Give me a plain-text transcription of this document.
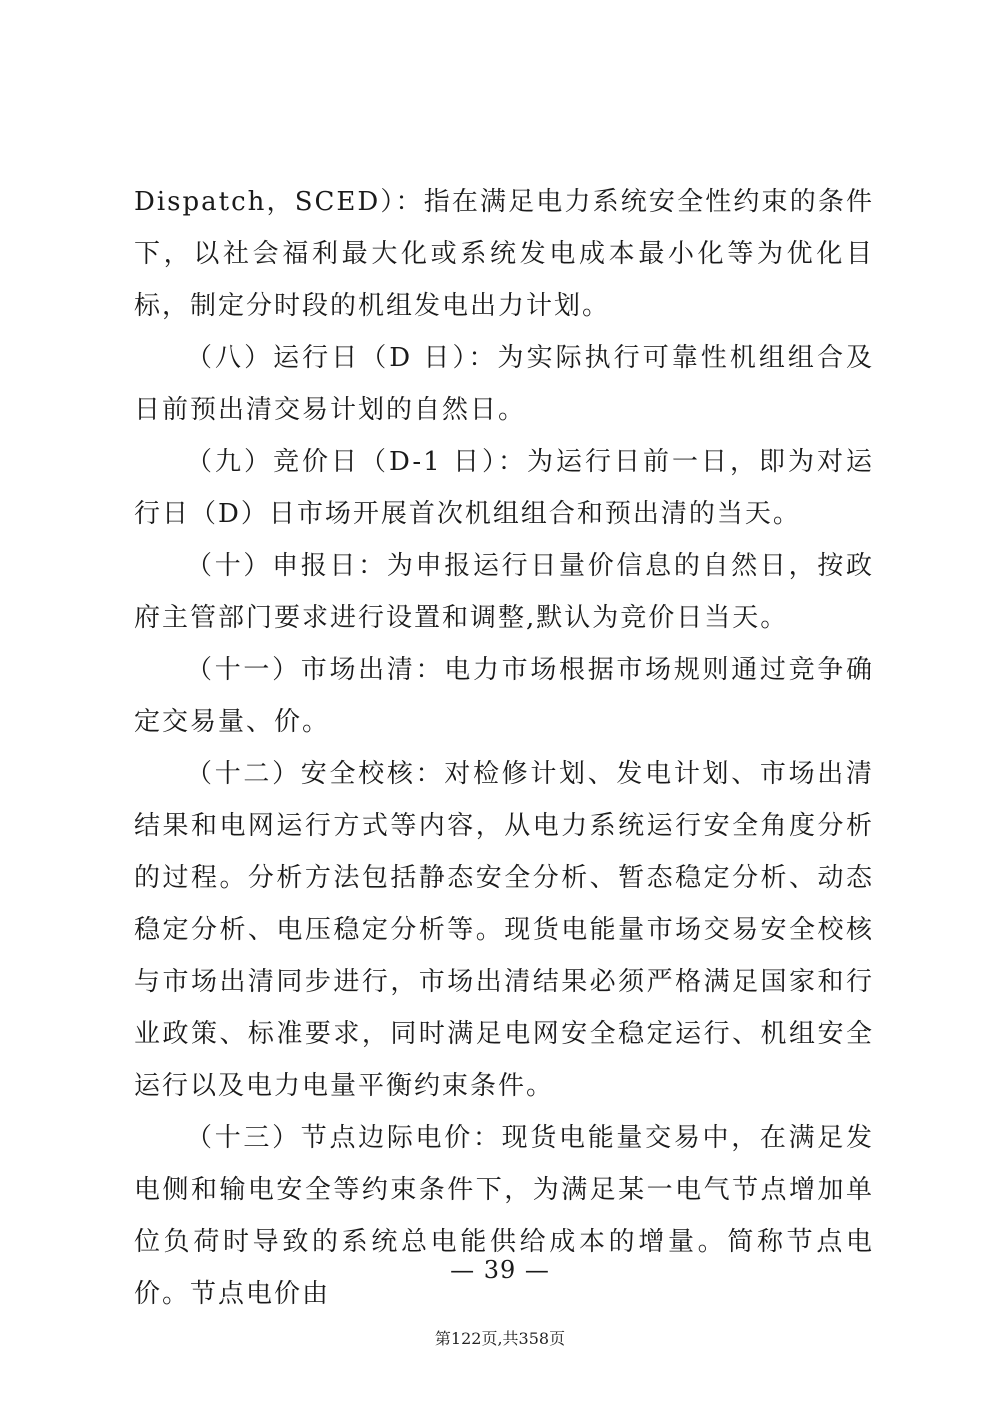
Dispatch，SCED）：指在满足电力系统安全性约束的条件下，以社会福利最大化或系统发电成本最小化等为优化目标，制定分时段的机组发电出力计划。

（八）运行日（D 日）：为实际执行可靠性机组组合及日前预出清交易计划的自然日。

（九）竞价日（D-1 日）：为运行日前一日，即为对运行日（D）日市场开展首次机组组合和预出清的当天。

（十）申报日：为申报运行日量价信息的自然日，按政府主管部门要求进行设置和调整,默认为竞价日当天。

（十一）市场出清：电力市场根据市场规则通过竞争确定交易量、价。

（十二）安全校核：对检修计划、发电计划、市场出清结果和电网运行方式等内容，从电力系统运行安全角度分析的过程。分析方法包括静态安全分析、暂态稳定分析、动态稳定分析、电压稳定分析等。现货电能量市场交易安全校核与市场出清同步进行，市场出清结果必须严格满足国家和行业政策、标准要求，同时满足电网安全稳定运行、机组安全运行以及电力电量平衡约束条件。

（十三）节点边际电价：现货电能量交易中，在满足发电侧和输电安全等约束条件下，为满足某一电气节点增加单位负荷时导致的系统总电能供给成本的增量。简称节点电价。节点电价由

— 39 —
第122页,共358页
